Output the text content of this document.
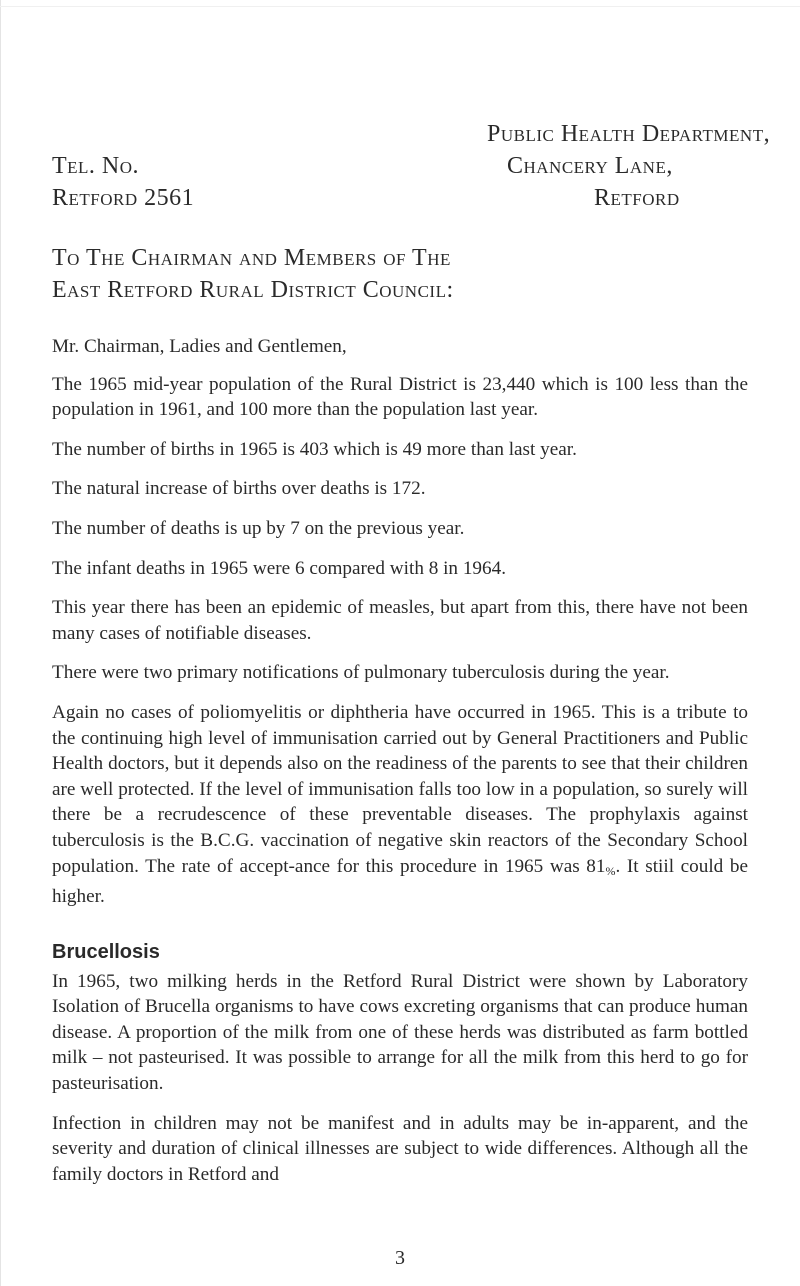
Public Health Department,
Chancery Lane,
Retford
Tel. No.
Retford 2561
To The Chairman and Members of The
East Retford Rural District Council:

Mr. Chairman, Ladies and Gentlemen,

The 1965 mid-year population of the Rural District is 23,440 which is 100 less than the population in 1961, and 100 more than the population last year.

The number of births in 1965 is 403 which is 49 more than last year.

The natural increase of births over deaths is 172.

The number of deaths is up by 7 on the previous year.

The infant deaths in 1965 were 6 compared with 8 in 1964.

This year there has been an epidemic of measles, but apart from this, there have not been many cases of notifiable diseases.

There were two primary notifications of pulmonary tuberculosis during the year.

Again no cases of poliomyelitis or diphtheria have occurred in 1965. This is a tribute to the continuing high level of immunisation carried out by General Practitioners and Public Health doctors, but it depends also on the readiness of the parents to see that their children are well protected. If the level of immunisation falls too low in a population, so surely will there be a recrudescence of these preventable diseases. The prophylaxis against tuberculosis is the B.C.G. vaccination of negative skin reactors of the Secondary School population. The rate of accept-ance for this procedure in 1965 was 81%. It stiil could be higher.

Brucellosis

In 1965, two milking herds in the Retford Rural District were shown by Laboratory Isolation of Brucella organisms to have cows excreting organisms that can produce human disease. A proportion of the milk from one of these herds was distributed as farm bottled milk – not pasteurised. It was possible to arrange for all the milk from this herd to go for pasteurisation.

Infection in children may not be manifest and in adults may be in-apparent, and the severity and duration of clinical illnesses are subject to wide differences. Although all the family doctors in Retford and

3
